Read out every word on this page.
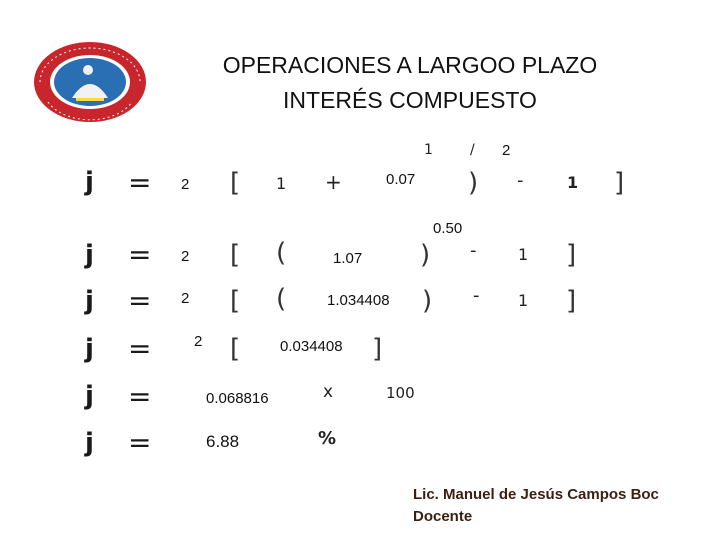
OPERACIONES A LARGOO PLAZO
INTERÉS COMPUESTO
1	/ 2
j = 2 [ 1 +	0.07 ) -	1 ]
0.50
j = 2 [ (	1.07 ) -	1 ]
j = 2 [ (	1.034408 ) - 1 ]
j =	2 [	0.034408 ]
j =	0.068816	x	100
j =	6.88	%
Lic. Manuel de Jesús Campos Boc
Docente
